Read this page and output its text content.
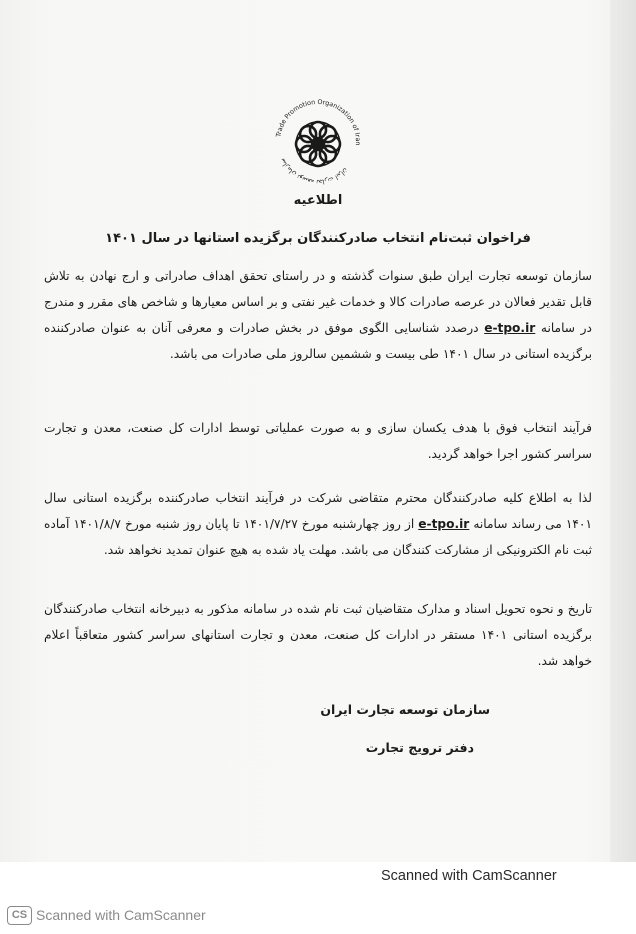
Trade Promotion Organization of Iran
سازمان توسعه تجارت ایران
اطلاعیه
فراخوان ثبت‌نام انتخاب صادرکنندگان برگزیده استانها در سال ۱۴۰۱

سازمان توسعه تجارت ایران طبق سنوات گذشته و در راستای تحقق اهداف صادراتی و ارج نهادن به تلاش قابل تقدیر فعالان در عرصه صادرات کالا و خدمات غیر نفتی و بر اساس معیارها و شاخص های مقرر و مندرج در سامانه e-tpo.ir درصدد شناسایی الگوی موفق در بخش صادرات و معرفی آنان به عنوان صادرکننده برگزیده استانی در سال ۱۴۰۱ طی بیست و ششمین سالروز ملی صادرات می باشد.

فرآیند انتخاب فوق با هدف یکسان سازی و به صورت عملیاتی توسط ادارات کل صنعت، معدن و تجارت سراسر کشور اجرا خواهد گردید.

لذا به اطلاع کلیه صادرکنندگان محترم متقاضی شرکت در فرآیند انتخاب صادرکننده برگزیده استانی سال ۱۴۰۱ می رساند سامانه e-tpo.ir از روز چهارشنبه مورخ ۱۴۰۱/۷/۲۷ تا پایان روز شنبه مورخ ۱۴۰۱/۸/۷ آماده ثبت نام الکترونیکی از مشارکت کنندگان می باشد. مهلت یاد شده به هیچ عنوان تمدید نخواهد شد.

تاریخ و نحوه تحویل اسناد و مدارک متقاضیان ثبت نام شده در سامانه مذکور به دبیرخانه انتخاب صادرکنندگان برگزیده استانی ۱۴۰۱ مستقر در ادارات کل صنعت، معدن و تجارت استانهای سراسر کشور متعاقباً اعلام خواهد شد.

سازمان توسعه تجارت ایران
دفتر ترویج تجارت
Scanned with CamScanner
CS Scanned with CamScanner
